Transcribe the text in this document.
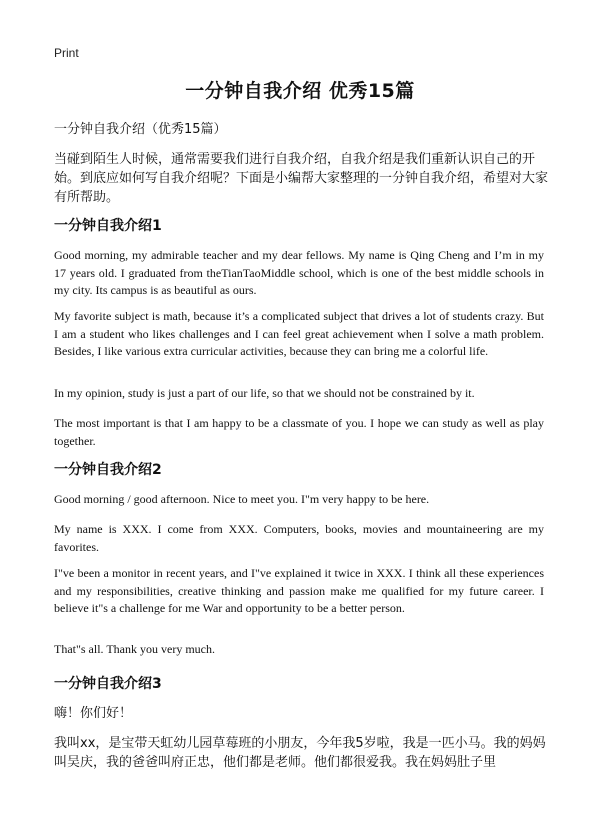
Print
一分钟自我介绍 优秀15篇
一分钟自我介绍（优秀15篇）
当碰到陌生人时候，通常需要我们进行自我介绍，自我介绍是我们重新认识自己的开始。到底应如何写自我介绍呢？下面是小编帮大家整理的一分钟自我介绍，希望对大家有所帮助。
一分钟自我介绍1
Good morning, my admirable teacher and my dear fellows. My name is Qing Cheng and I’m in my 17 years old. I graduated from theTianTaoMiddle school, which is one of the best middle schools in my city. Its campus is as beautiful as ours.
My favorite subject is math, because it’s a complicated subject that drives a lot of students crazy. But I am a student who likes challenges and I can feel great achievement when I solve a math problem. Besides, I like various extra curricular activities, because they can bring me a colorful life.
In my opinion, study is just a part of our life, so that we should not be constrained by it.
The most important is that I am happy to be a classmate of you. I hope we can study as well as play together.
一分钟自我介绍2
Good morning / good afternoon. Nice to meet you. I"m very happy to be here.
My name is XXX. I come from XXX. Computers, books, movies and mountaineering are my favorites.
I"ve been a monitor in recent years, and I"ve explained it twice in XXX. I think all these experiences and my responsibilities, creative thinking and passion make me qualified for my future career. I believe it"s a challenge for me War and opportunity to be a better person.
That"s all. Thank you very much.
一分钟自我介绍3
嗨！你们好！
我叫xx，是宝带天虹幼儿园草莓班的小朋友，今年我5岁啦，我是一匹小马。我的妈妈叫吴庆，我的爸爸叫府正忠，他们都是老师。他们都很爱我。我在妈妈肚子里
